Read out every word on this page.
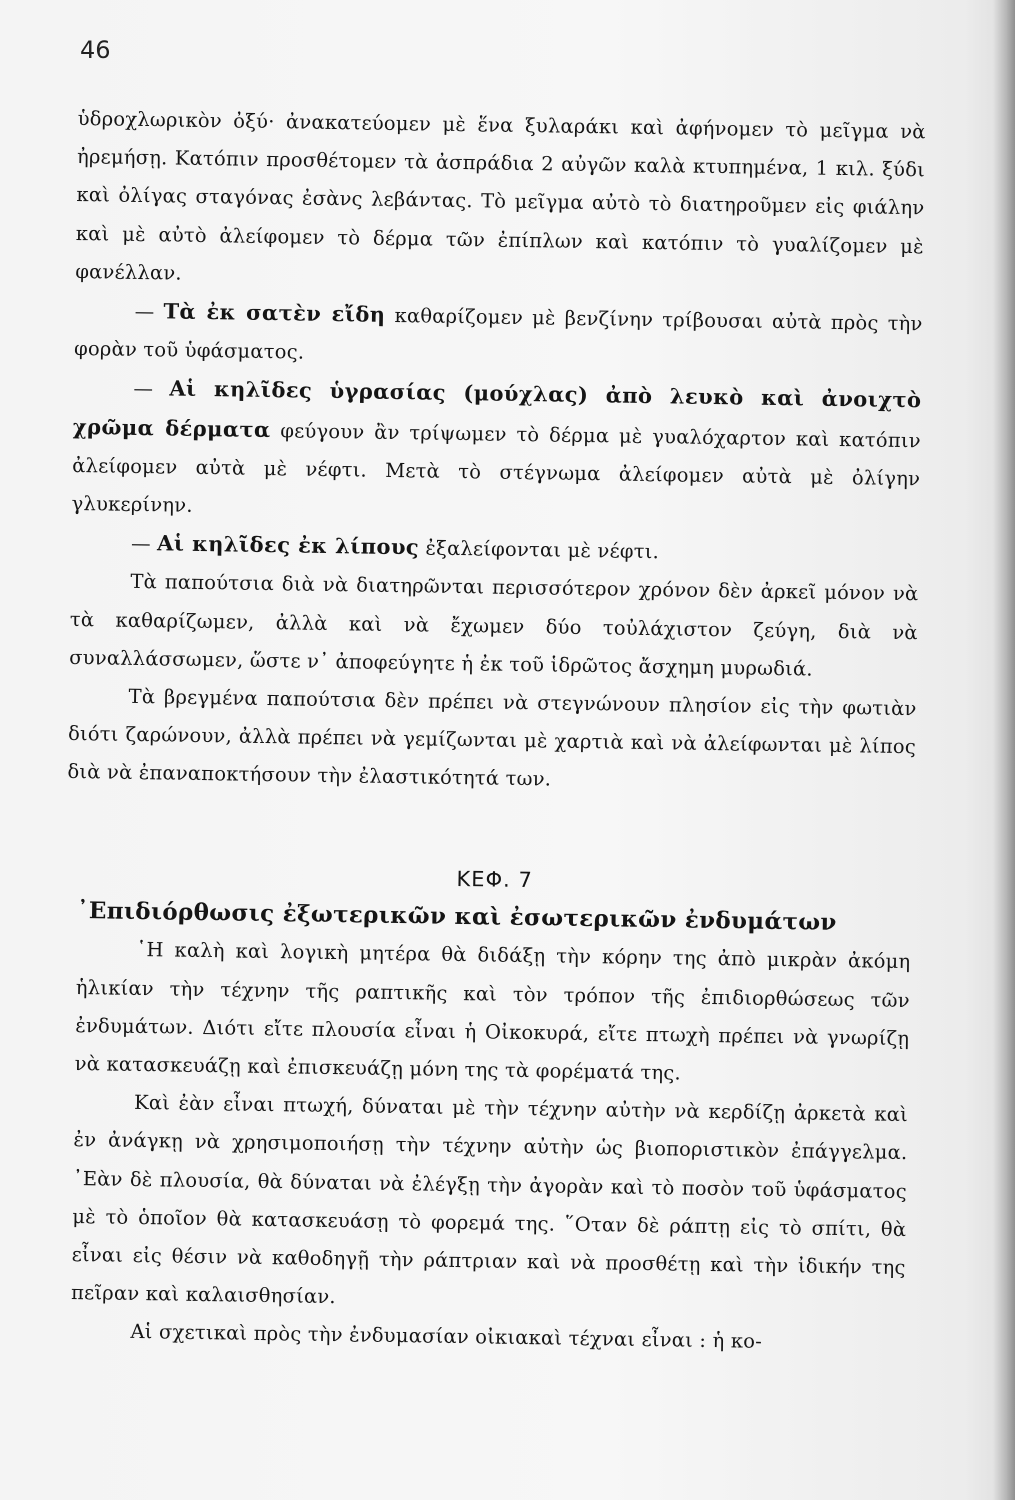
46

ὑδροχλωρικὸν ὀξύ· ἀνακατεύομεν μὲ ἕνα ξυλαράκι καὶ ἀφήνομεν τὸ μεῖγμα νὰ ἠρεμήσῃ. Κατόπιν προσθέτομεν τὰ ἀσπράδια 2 αὐγῶν καλὰ κτυπημένα, 1 κιλ. ξύδι καὶ ὀλίγας σταγόνας ἐσὰνς λεβάντας. Τὸ μεῖγμα αὐτὸ τὸ διατηροῦμεν εἰς φιάλην καὶ μὲ αὐτὸ ἀλείφομεν τὸ δέρμα τῶν ἐπίπλων καὶ κατόπιν τὸ γυαλίζομεν μὲ φανέλλαν.

— Τὰ ἐκ σατὲν εἴδη καθαρίζομεν μὲ βενζίνην τρίβουσαι αὐτὰ πρὸς τὴν φορὰν τοῦ ὑφάσματος.

— Αἱ κηλῖδες ὑγρασίας (μούχλας) ἀπὸ λευκὸ καὶ ἀνοιχτὸ χρῶμα δέρματα φεύγουν ἂν τρίψωμεν τὸ δέρμα μὲ γυαλόχαρτον καὶ κατόπιν ἀλείφομεν αὐτὰ μὲ νέφτι. Μετὰ τὸ στέγνωμα ἀλείφομεν αὐτὰ μὲ ὀλίγην γλυκερίνην.

— Αἱ κηλῖδες ἐκ λίπους ἐξαλείφονται μὲ νέφτι.

Τὰ παπούτσια διὰ νὰ διατηρῶνται περισσότερον χρόνον δὲν ἀρκεῖ μόνον νὰ τὰ καθαρίζωμεν, ἀλλὰ καὶ νὰ ἔχωμεν δύο τοὐλάχιστον ζεύγη, διὰ νὰ συναλλάσσωμεν, ὥστε ν᾿ ἀποφεύγητε ἡ ἐκ τοῦ ἱδρῶτος ἄσχημη μυρωδιά.

Τὰ βρεγμένα παπούτσια δὲν πρέπει νὰ στεγνώνουν πλησίον εἰς τὴν φωτιὰν διότι ζαρώνουν, ἀλλὰ πρέπει νὰ γεμίζωνται μὲ χαρτιὰ καὶ νὰ ἀλείφωνται μὲ λίπος διὰ νὰ ἐπαναποκτήσουν τὴν ἐλαστικότητά των.

ΚΕΦ. 7

᾿Επιδιόρθωσις ἐξωτερικῶν καὶ ἐσωτερικῶν ἐνδυμάτων

῾Η καλὴ καὶ λογικὴ μητέρα θὰ διδάξῃ τὴν κόρην της ἀπὸ μικρὰν ἀκόμη ἡλικίαν τὴν τέχνην τῆς ραπτικῆς καὶ τὸν τρόπον τῆς ἐπιδιορθώσεως τῶν ἐνδυμάτων. Διότι εἴτε πλουσία εἶναι ἡ Οἰκοκυρά, εἴτε πτωχὴ πρέπει νὰ γνωρίζῃ νὰ κατασκευάζῃ καὶ ἐπισκευάζῃ μόνη της τὰ φορέματά της.

Καὶ ἐὰν εἶναι πτωχή, δύναται μὲ τὴν τέχνην αὐτὴν νὰ κερδίζῃ ἀρκετὰ καὶ ἐν ἀνάγκῃ νὰ χρησιμοποιήσῃ τὴν τέχνην αὐτὴν ὡς βιοποριστικὸν ἐπάγγελμα. ᾿Εὰν δὲ πλουσία, θὰ δύναται νὰ ἐλέγξῃ τὴν ἀγορὰν καὶ τὸ ποσὸν τοῦ ὑφάσματος μὲ τὸ ὁποῖον θὰ κατασκευάσῃ τὸ φορεμά της. ῞Οταν δὲ ράπτῃ εἰς τὸ σπίτι, θὰ εἶναι εἰς θέσιν νὰ καθοδηγῇ τὴν ράπτριαν καὶ νὰ προσθέτῃ καὶ τὴν ἰδικήν της πεῖραν καὶ καλαισθησίαν.

Αἱ σχετικαὶ πρὸς τὴν ἐνδυμασίαν οἰκιακαὶ τέχναι εἶναι : ἡ κο-
